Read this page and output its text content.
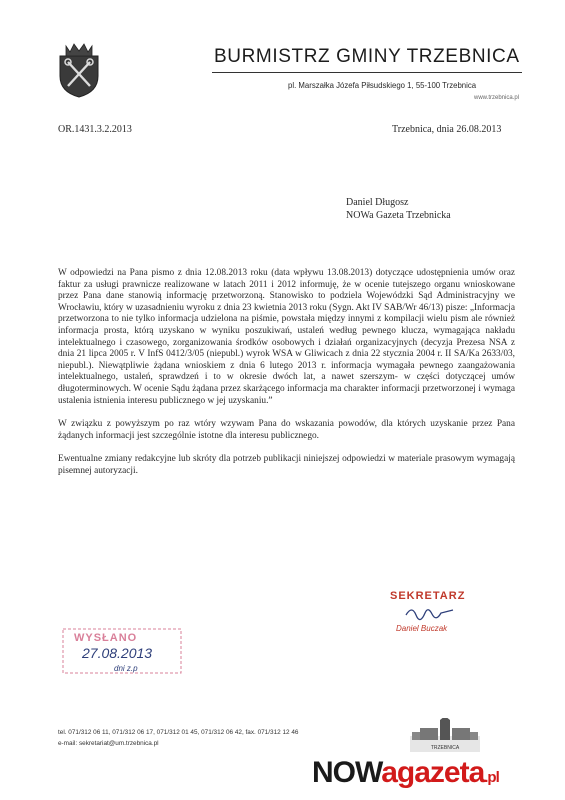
BURMISTRZ GMINY TRZEBNICA
pl. Marszałka Józefa Piłsudskiego 1, 55-100 Trzebnica
www.trzebnica.pl
OR.1431.3.2.2013	Trzebnica, dnia 26.08.2013
Daniel Długosz
NOWa Gazeta Trzebnicka

W odpowiedzi na Pana pismo z dnia 12.08.2013 roku (data wpływu 13.08.2013) dotyczące udostępnienia umów oraz faktur za usługi prawnicze realizowane w latach 2011 i 2012 informuję, że w ocenie tutejszego organu wnioskowane przez Pana dane stanowią informację przetworzoną. Stanowisko to podziela Wojewódzki Sąd Administracyjny we Wrocławiu, który w uzasadnieniu wyroku z dnia 23 kwietnia 2013 roku (Sygn. Akt IV SAB/Wr 46/13) pisze: „Informacja przetworzona to nie tylko informacja udzielona na piśmie, powstała między innymi z kompilacji wielu pism ale również informacja prosta, którą uzyskano w wyniku poszukiwań, ustaleń według pewnego klucza, wymagająca nakładu intelektualnego i czasowego, zorganizowania środków osobowych i działań organizacyjnych (decyzja Prezesa NSA z dnia 21 lipca 2005 r. V InfS 0412/3/05 (niepubl.) wyrok WSA w Gliwicach z dnia 22 stycznia 2004 r. II SA/Ka 2633/03, niepubl.). Niewątpliwie żądana wnioskiem z dnia 6 lutego 2013 r. informacja wymagała pewnego zaangażowania intelektualnego, ustaleń, sprawdzeń i to w okresie dwóch lat, a nawet szerszym- w części dotyczącej umów długoterminowych. W ocenie Sądu żądana przez skarżącego informacja ma charakter informacji przetworzonej i wymaga ustalenia istnienia interesu publicznego w jej uzyskaniu.”

W związku z powyższym po raz wtóry wzywam Pana do wskazania powodów, dla których uzyskanie przez Pana żądanych informacji jest szczególnie istotne dla interesu publicznego.

Ewentualne zmiany redakcyjne lub skróty dla potrzeb publikacji niniejszej odpowiedzi w materiale prasowym wymagają pisemnej autoryzacji.

SEKRETARZ
Daniel Buczak
WYSŁANO
27.08.2013
dni z.p
tel. 071/312 06 11, 071/312 06 17, 071/312 01 45, 071/312 06 42, fax. 071/312 12 46
e-mail: sekretariat@um.trzebnica.pl
TRZEBNICA
NOWagazeta.pl
